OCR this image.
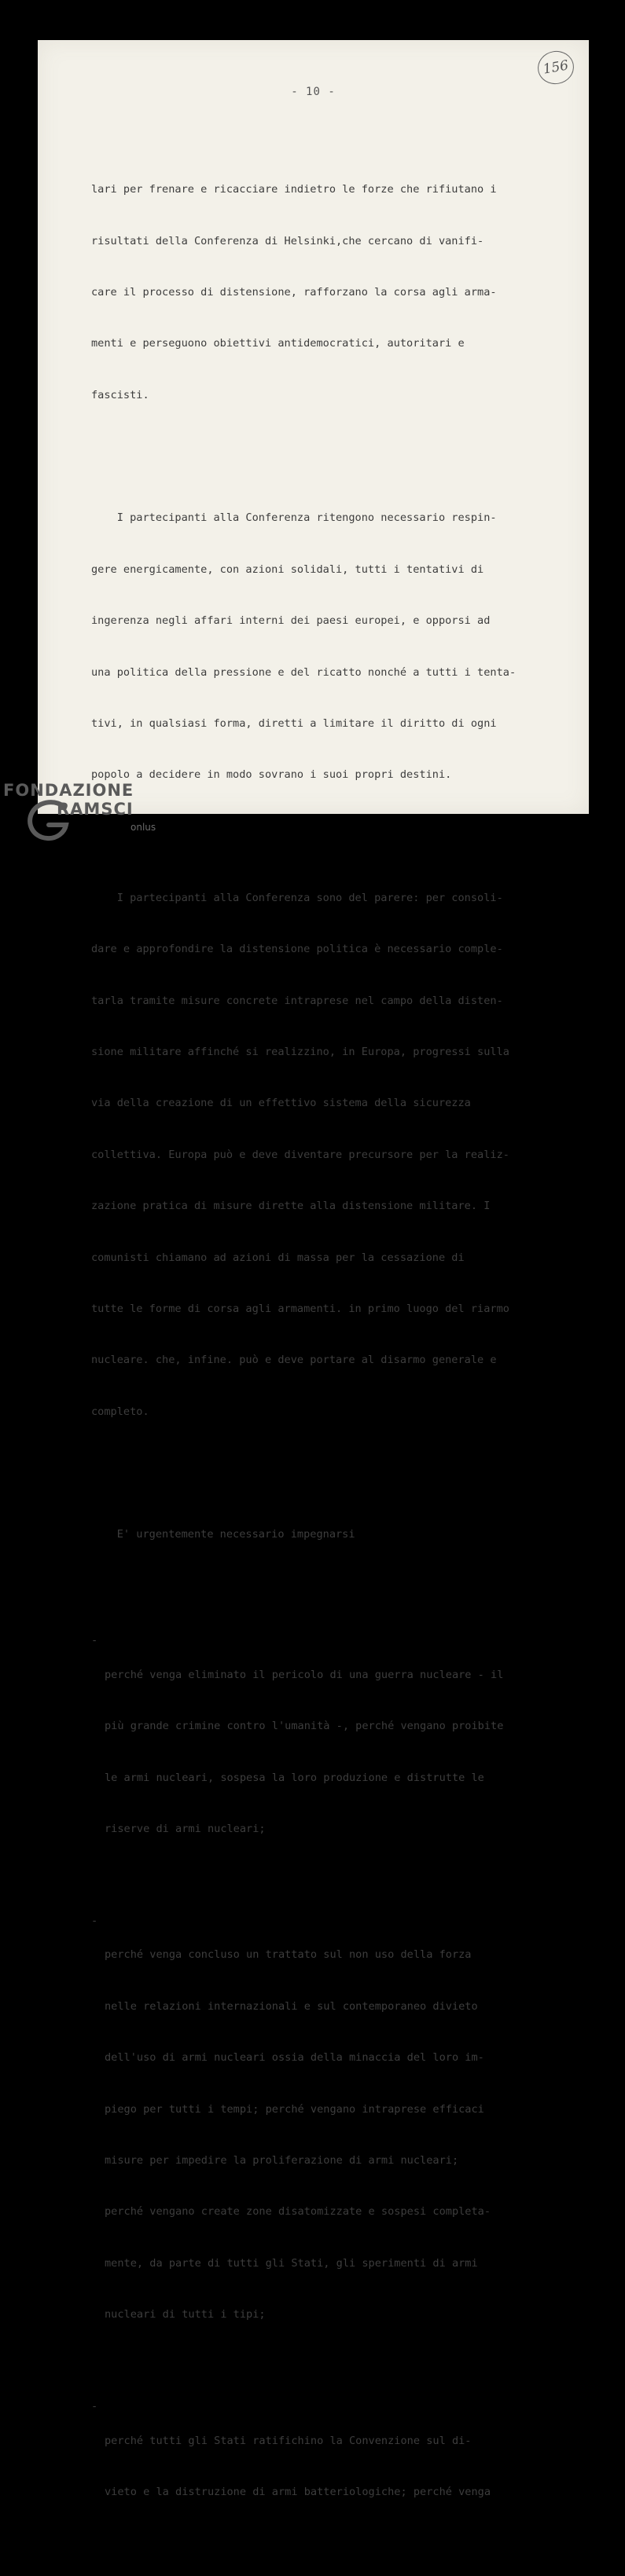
- 10 -
156

lari per frenare e ricacciare indietro le forze che rifiutano i

risultati della Conferenza di Helsinki,che cercano di vanifi-

care il processo di distensione, rafforzano la corsa agli arma-

menti e perseguono obiettivi antidemocratici, autoritari e

fascisti.

I partecipanti alla Conferenza ritengono necessario respin-

gere energicamente, con azioni solidali, tutti i tentativi di

ingerenza negli affari interni dei paesi europei, e opporsi ad

una politica della pressione e del ricatto nonché a tutti i tenta-

tivi, in qualsiasi forma, diretti a limitare il diritto di ogni

popolo a decidere in modo sovrano i suoi propri destini.

I partecipanti alla Conferenza sono del parere: per consoli-

dare e approfondire la distensione politica è necessario comple-

tarla tramite misure concrete intraprese nel campo della disten-

sione militare affinché si realizzino, in Europa, progressi sulla

via della creazione di un effettivo sistema della sicurezza

collettiva. Europa può e deve diventare precursore per la realiz-

zazione pratica di misure dirette alla distensione militare. I

comunisti chiamano ad azioni di massa per la cessazione di

tutte le forme di corsa agli armamenti. in primo luogo del riarmo

nucleare. che, infine. può e deve portare al disarmo generale e

completo.

E' urgentemente necessario impegnarsi

-

perché venga eliminato il pericolo di una guerra nucleare - il

più grande crimine contro l'umanità -, perché vengano proibite

le armi nucleari, sospesa la loro produzione e distrutte le

riserve di armi nucleari;

-

perché venga concluso un trattato sul non uso della forza

nelle relazioni internazionali e sul contemporaneo divieto

dell'uso di armi nucleari ossia della minaccia del loro im-

piego per tutti i tempi; perché vengano intraprese efficaci

misure per impedire la proliferazione di armi nucleari;

perché vengano create zone disatomizzate e sospesi completa-

mente, da parte di tutti gli Stati, gli sperimenti di armi

nucleari di tutti i tipi;

-

perché tutti gli Stati ratifichino la Convenzione sul di-

vieto e la distruzione di armi batteriologiche; perché venga

FONDAZIONE
RAMSCI
onlus
